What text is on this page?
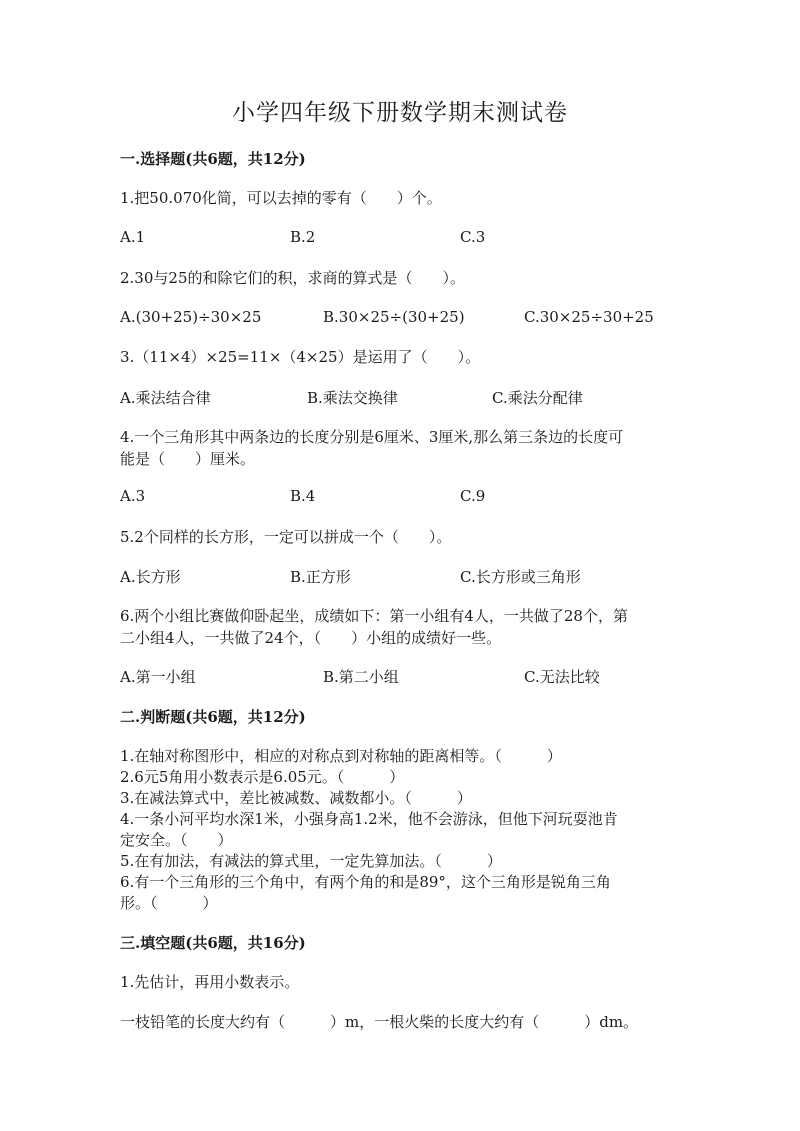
小学四年级下册数学期末测试卷
一.选择题(共6题，共12分)
1.把50.070化简，可以去掉的零有（　　）个。
A.1	B.2	C.3
2.30与25的和除它们的积，求商的算式是（　　）。
A.(30+25)÷30×25	B.30×25÷(30+25)	C.30×25÷30+25
3.（11×4）×25=11×（4×25）是运用了（　　）。
A.乘法结合律	B.乘法交换律	C.乘法分配律
4.一个三角形其中两条边的长度分别是6厘米、3厘米,那么第三条边的长度可
能是（　　）厘米。
A.3	B.4	C.9
5.2个同样的长方形，一定可以拼成一个（　　）。
A.长方形	B.正方形	C.长方形或三角形
6.两个小组比赛做仰卧起坐，成绩如下：第一小组有4人，一共做了28个，第
二小组4人，一共做了24个，（　　）小组的成绩好一些。
A.第一小组	B.第二小组	C.无法比较
二.判断题(共6题，共12分)
1.在轴对称图形中，相应的对称点到对称轴的距离相等。（　　　）
2.6元5角用小数表示是6.05元。（　　　）
3.在减法算式中，差比被减数、减数都小。（　　　）
4.一条小河平均水深1米，小强身高1.2米，他不会游泳，但他下河玩耍池肯
定安全。（　　）
5.在有加法，有减法的算式里，一定先算加法。（　　　）
6.有一个三角形的三个角中，有两个角的和是89°，这个三角形是锐角三角
形。（　　　）
三.填空题(共6题，共16分)
1.先估计，再用小数表示。
一枝铅笔的长度大约有（　　　）m，一根火柴的长度大约有（　　　）dm。
